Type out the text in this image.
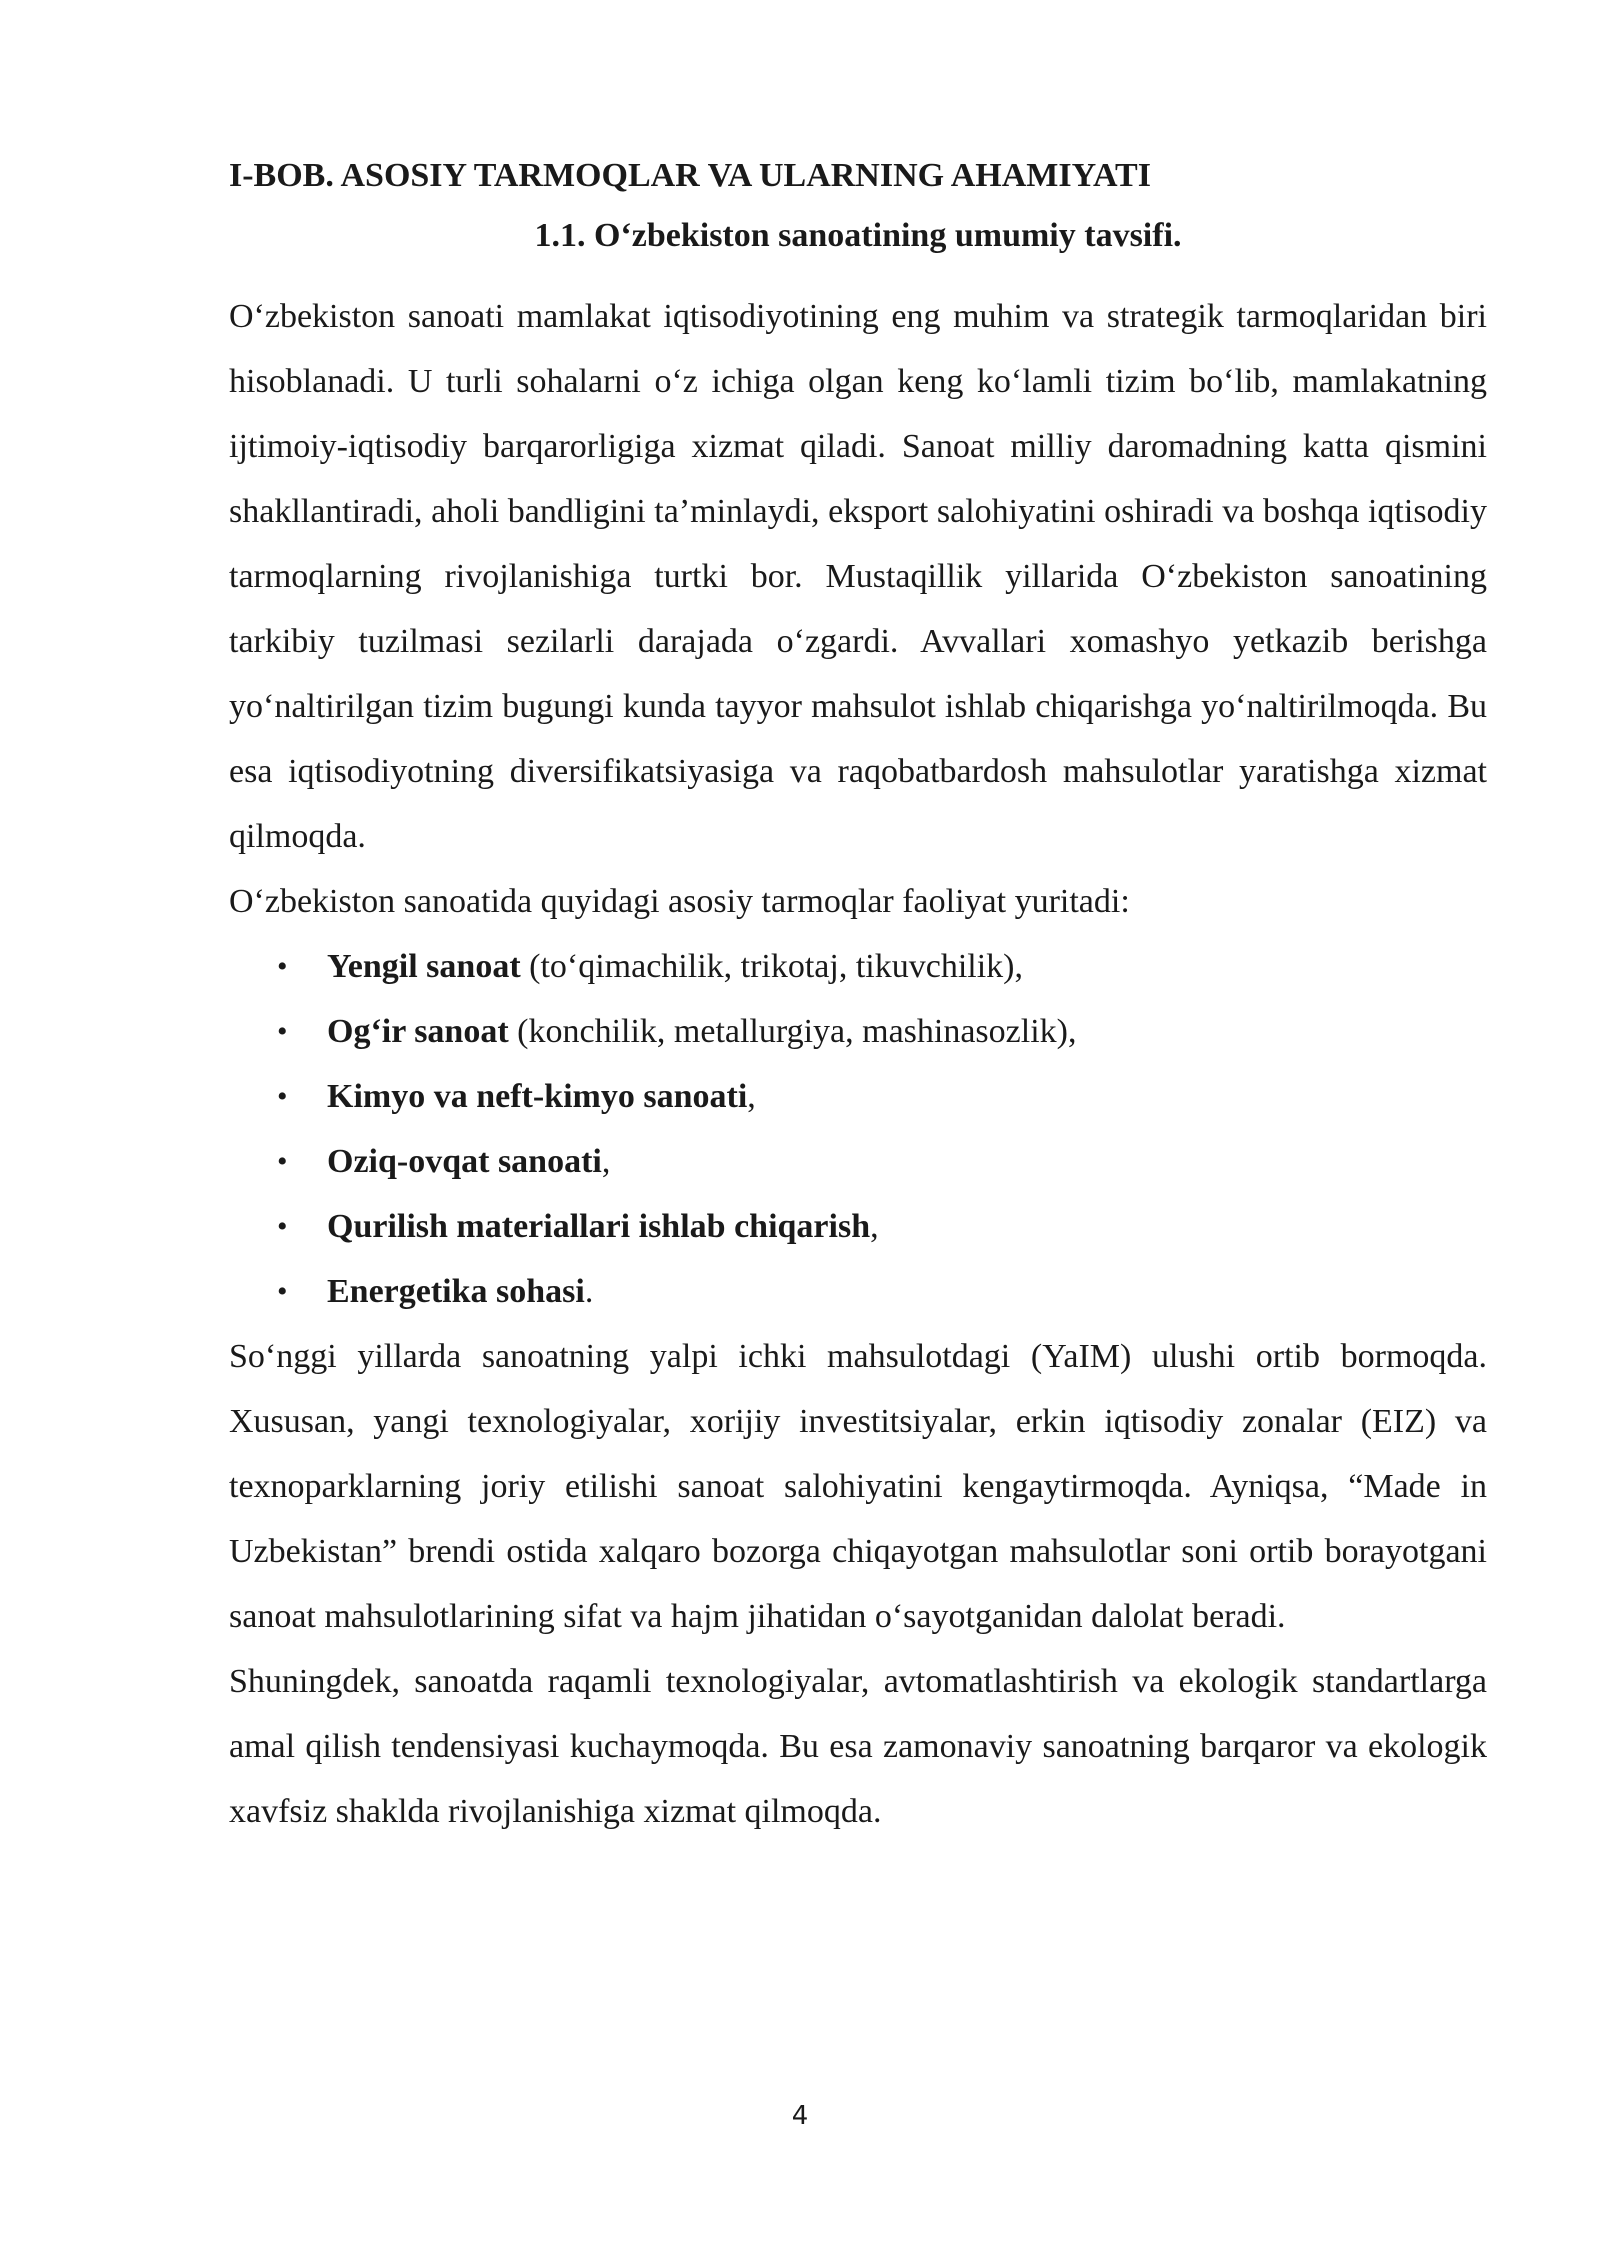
I-BOB. ASOSIY TARMOQLAR VA ULARNING AHAMIYATI
1.1. O‘zbekiston sanoatining umumiy tavsifi.

O‘zbekiston sanoati mamlakat iqtisodiyotining eng muhim va strategik tarmoqlaridan biri hisoblanadi. U turli sohalarni o‘z ichiga olgan keng ko‘lamli tizim bo‘lib, mamlakatning ijtimoiy-iqtisodiy barqarorligiga xizmat qiladi. Sanoat milliy daromadning katta qismini shakllantiradi, aholi bandligini ta’minlaydi, eksport salohiyatini oshiradi va boshqa iqtisodiy tarmoqlarning rivojlanishiga turtki bor. Mustaqillik yillarida O‘zbekiston sanoatining tarkibiy tuzilmasi sezilarli darajada o‘zgardi. Avvallari xomashyo yetkazib berishga yo‘naltirilgan tizim bugungi kunda tayyor mahsulot ishlab chiqarishga yo‘naltirilmoqda. Bu esa iqtisodiyotning diversifikatsiyasiga va raqobatbardosh mahsulotlar yaratishga xizmat qilmoqda.

O‘zbekiston sanoatida quyidagi asosiy tarmoqlar faoliyat yuritadi:

• Yengil sanoat (to‘qimachilik, trikotaj, tikuvchilik),
• Og‘ir sanoat (konchilik, metallurgiya, mashinasozlik),
• Kimyo va neft-kimyo sanoati,
• Oziq-ovqat sanoati,
• Qurilish materiallari ishlab chiqarish,
• Energetika sohasi.

So‘nggi yillarda sanoatning yalpi ichki mahsulotdagi (YaIM) ulushi ortib bormoqda. Xususan, yangi texnologiyalar, xorijiy investitsiyalar, erkin iqtisodiy zonalar (EIZ) va texnoparklarning joriy etilishi sanoat salohiyatini kengaytirmoqda. Ayniqsa, “Made in Uzbekistan” brendi ostida xalqaro bozorga chiqayotgan mahsulotlar soni ortib borayotgani sanoat mahsulotlarining sifat va hajm jihatidan o‘sayotganidan dalolat beradi.

Shuningdek, sanoatda raqamli texnologiyalar, avtomatlashtirish va ekologik standartlarga amal qilish tendensiyasi kuchaymoqda. Bu esa zamonaviy sanoatning barqaror va ekologik xavfsiz shaklda rivojlanishiga xizmat qilmoqda.

4
